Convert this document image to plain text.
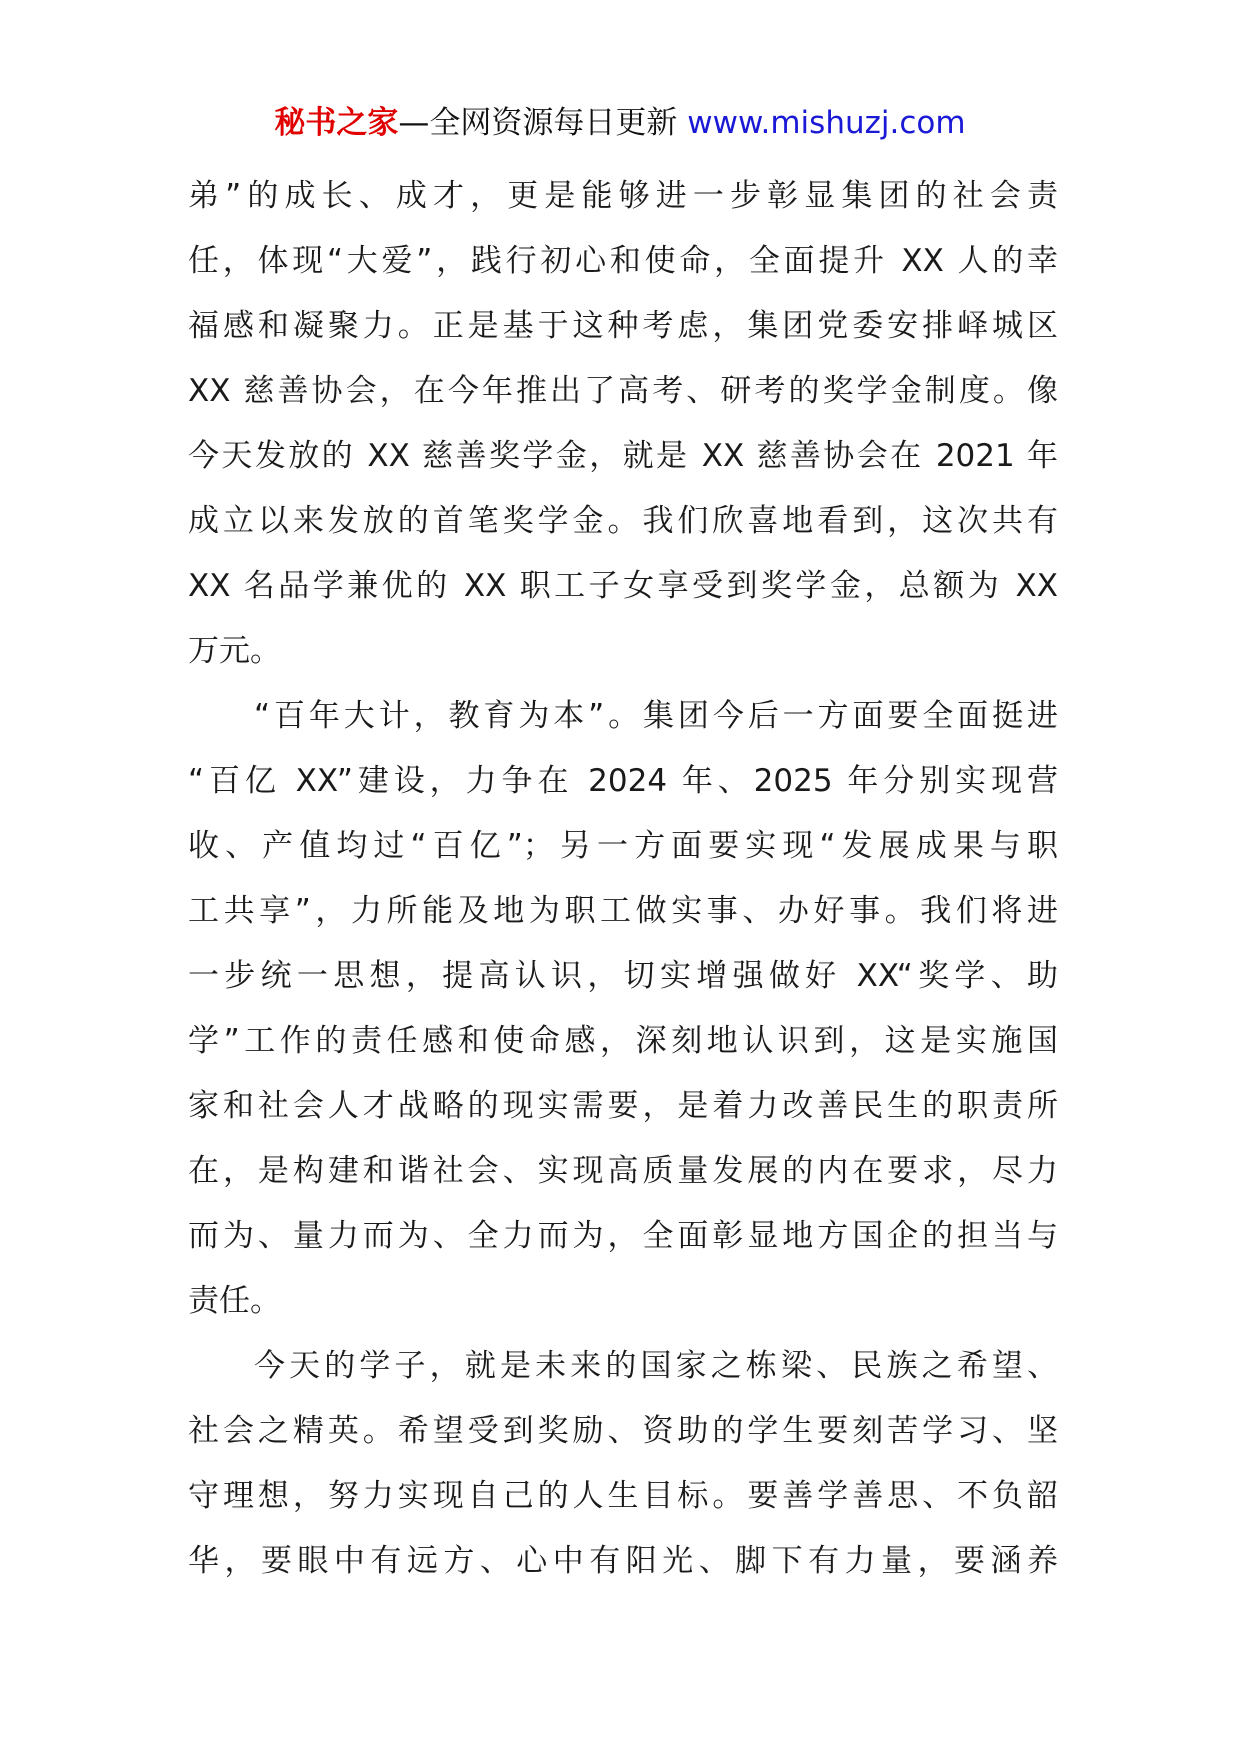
秘书之家—全网资源每日更新 www.mishuzj.com
弟”的成长、成才，更是能够进一步彰显集团的社会责
任，体现“大爱”，践行初心和使命，全面提升 XX 人的幸
福感和凝聚力。正是基于这种考虑，集团党委安排峄城区
XX 慈善协会，在今年推出了高考、研考的奖学金制度。像
今天发放的 XX 慈善奖学金，就是 XX 慈善协会在 2021 年
成立以来发放的首笔奖学金。我们欣喜地看到，这次共有
XX 名品学兼优的 XX 职工子女享受到奖学金，总额为 XX
万元。
“百年大计，教育为本”。集团今后一方面要全面挺进
“百亿 XX”建设，力争在 2024 年、2025 年分别实现营
收、产值均过“百亿”；另一方面要实现“发展成果与职
工共享”，力所能及地为职工做实事、办好事。我们将进
一步统一思想，提高认识，切实增强做好 XX“奖学、助
学”工作的责任感和使命感，深刻地认识到，这是实施国
家和社会人才战略的现实需要，是着力改善民生的职责所
在，是构建和谐社会、实现高质量发展的内在要求，尽力
而为、量力而为、全力而为，全面彰显地方国企的担当与
责任。
今天的学子，就是未来的国家之栋梁、民族之希望、
社会之精英。希望受到奖励、资助的学生要刻苦学习、坚
守理想，努力实现自己的人生目标。要善学善思、不负韶
华，要眼中有远方、心中有阳光、脚下有力量，要涵养
